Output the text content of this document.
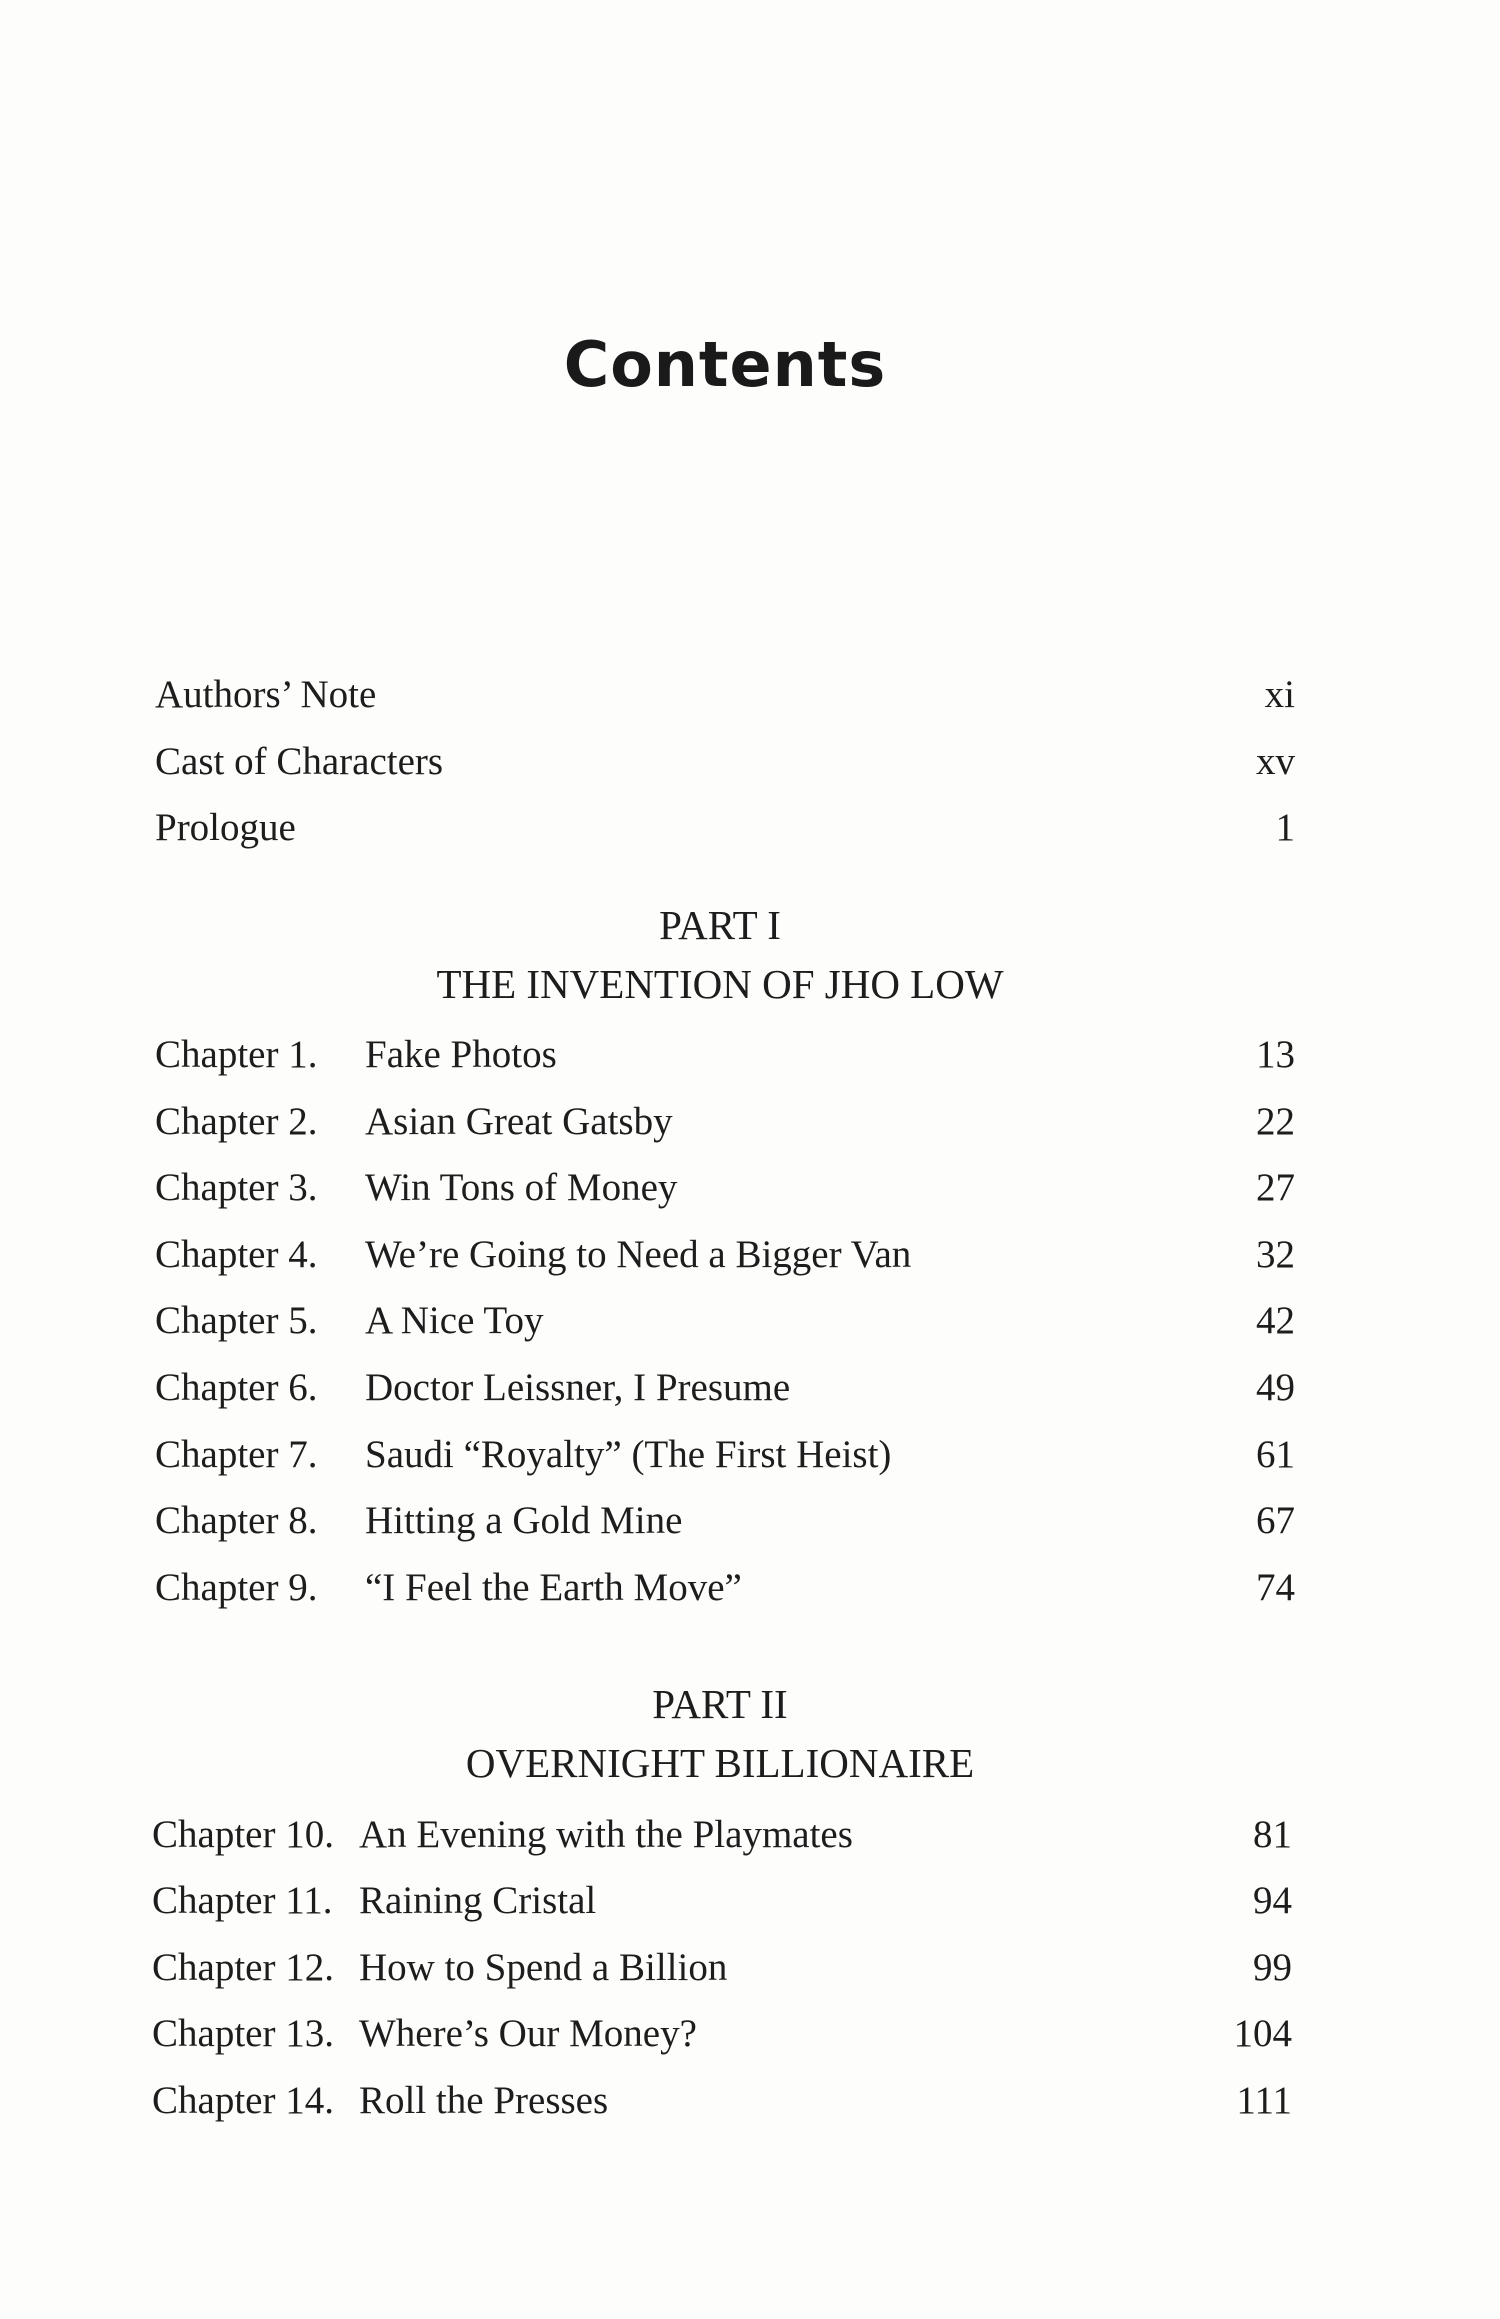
Contents
Authors’ Note	xi
Cast of Characters	xv
Prologue	1
PART I
THE INVENTION OF JHO LOW
Chapter 1. Fake Photos	13
Chapter 2. Asian Great Gatsby	22
Chapter 3. Win Tons of Money	27
Chapter 4. We’re Going to Need a Bigger Van	32
Chapter 5. A Nice Toy	42
Chapter 6. Doctor Leissner, I Presume	49
Chapter 7. Saudi “Royalty” (The First Heist)	61
Chapter 8. Hitting a Gold Mine	67
Chapter 9. “I Feel the Earth Move”	74
PART II
OVERNIGHT BILLIONAIRE
Chapter 10. An Evening with the Playmates	81
Chapter 11. Raining Cristal	94
Chapter 12. How to Spend a Billion	99
Chapter 13. Where’s Our Money?	104
Chapter 14. Roll the Presses	111
